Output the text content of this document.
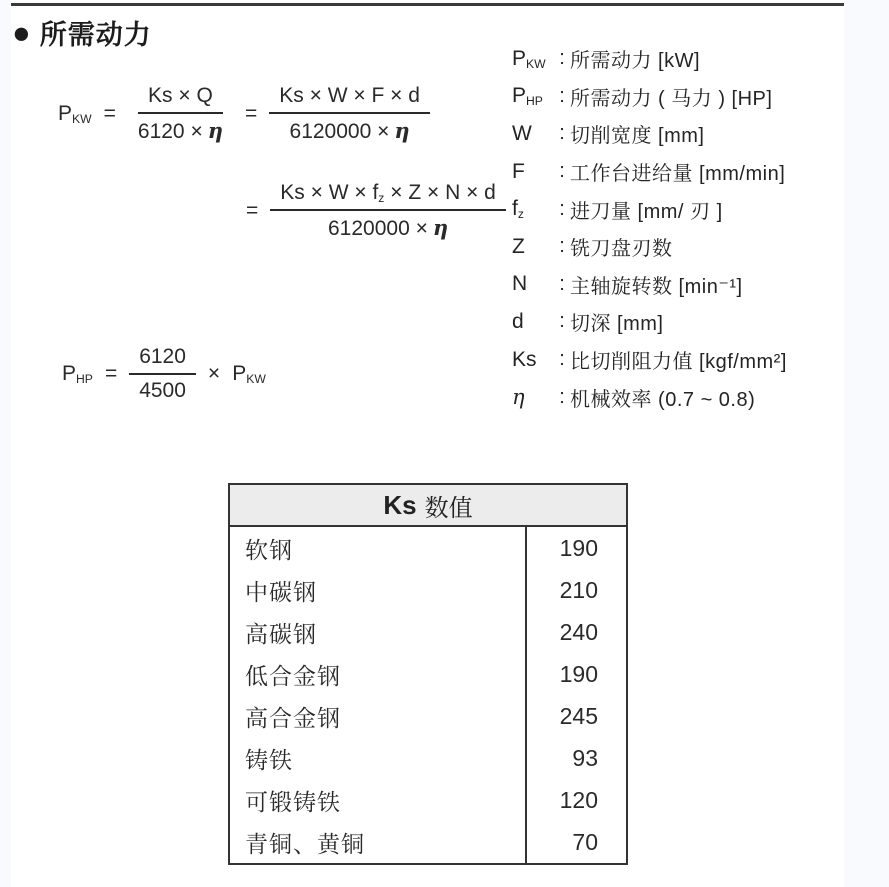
● 所需动力
$P_{KW} = \frac{Ks \times Q}{6120 \times \eta} = \frac{Ks \times W \times F \times d}{6120000 \times \eta}$
= $\frac{Ks \times W \times f_z \times Z \times N \times d}{6120000 \times \eta}$
$P_{HP} = \frac{6120}{4500} \times P_{KW}$
$P_{KW}$ : 所需动力 [kW]
$P_{HP}$ : 所需动力 ( 马力 ) [HP]
W	: 切削宽度 [mm]
F	: 工作台进给量 [mm/min]
$f_z$	: 进刀量 [mm/ 刃 ]
Z	: 铣刀盘刃数
N	: 主轴旋转数 [min⁻¹]
d	: 切深 [mm]
Ks	: 比切削阻力值 [kgf/mm²]
η	: 机械效率 (0.7 ~ 0.8)
Ks 数值
软钢	190
中碳钢	210
高碳钢	240
低合金钢	190
高合金钢	245
铸铁	93
可锻铸铁	120
青铜、黄铜	70
